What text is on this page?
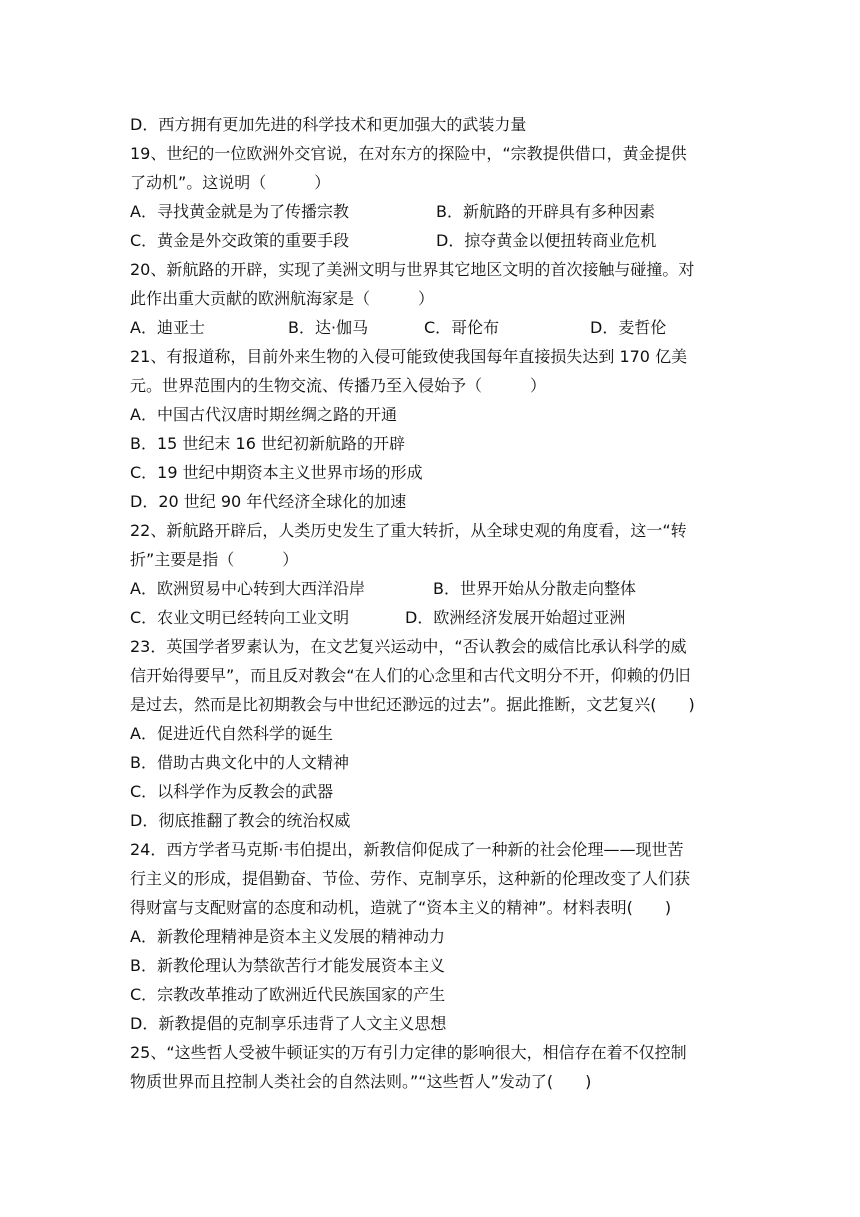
D．西方拥有更加先进的科学技术和更加强大的武装力量
19、世纪的一位欧洲外交官说，在对东方的探险中，“宗教提供借口，黄金提供
了动机”。这说明（　　　）
A．寻找黄金就是为了传播宗教	B．新航路的开辟具有多种因素
C．黄金是外交政策的重要手段	D．掠夺黄金以便扭转商业危机
20、新航路的开辟，实现了美洲文明与世界其它地区文明的首次接触与碰撞。对
此作出重大贡献的欧洲航海家是（　　　）
A．迪亚士	B．达·伽马	C．哥伦布	D．麦哲伦
21、有报道称，目前外来生物的入侵可能致使我国每年直接损失达到 170 亿美
元。世界范围内的生物交流、传播乃至入侵始予（　　　）
A．中国古代汉唐时期丝绸之路的开通
B．15 世纪末 16 世纪初新航路的开辟
C．19 世纪中期资本主义世界市场的形成
D．20 世纪 90 年代经济全球化的加速
22、新航路开辟后，人类历史发生了重大转折，从全球史观的角度看，这一“转
折”主要是指（　　　）
A．欧洲贸易中心转到大西洋沿岸	B．世界开始从分散走向整体
C．农业文明已经转向工业文明	D．欧洲经济发展开始超过亚洲
23．英国学者罗素认为，在文艺复兴运动中，“否认教会的威信比承认科学的威
信开始得要早”，而且反对教会“在人们的心念里和古代文明分不开，仰赖的仍旧
是过去，然而是比初期教会与中世纪还渺远的过去”。据此推断，文艺复兴(　　)
A．促进近代自然科学的诞生
B．借助古典文化中的人文精神
C．以科学作为反教会的武器
D．彻底推翻了教会的统治权威
24．西方学者马克斯·韦伯提出，新教信仰促成了一种新的社会伦理——现世苦
行主义的形成，提倡勤奋、节俭、劳作、克制享乐，这种新的伦理改变了人们获
得财富与支配财富的态度和动机，造就了“资本主义的精神”。材料表明(　　)
A．新教伦理精神是资本主义发展的精神动力
B．新教伦理认为禁欲苦行才能发展资本主义
C．宗教改革推动了欧洲近代民族国家的产生
D．新教提倡的克制享乐违背了人文主义思想
25、“这些哲人受被牛顿证实的万有引力定律的影响很大，相信存在着不仅控制
物质世界而且控制人类社会的自然法则。”“这些哲人”发动了(　　)
